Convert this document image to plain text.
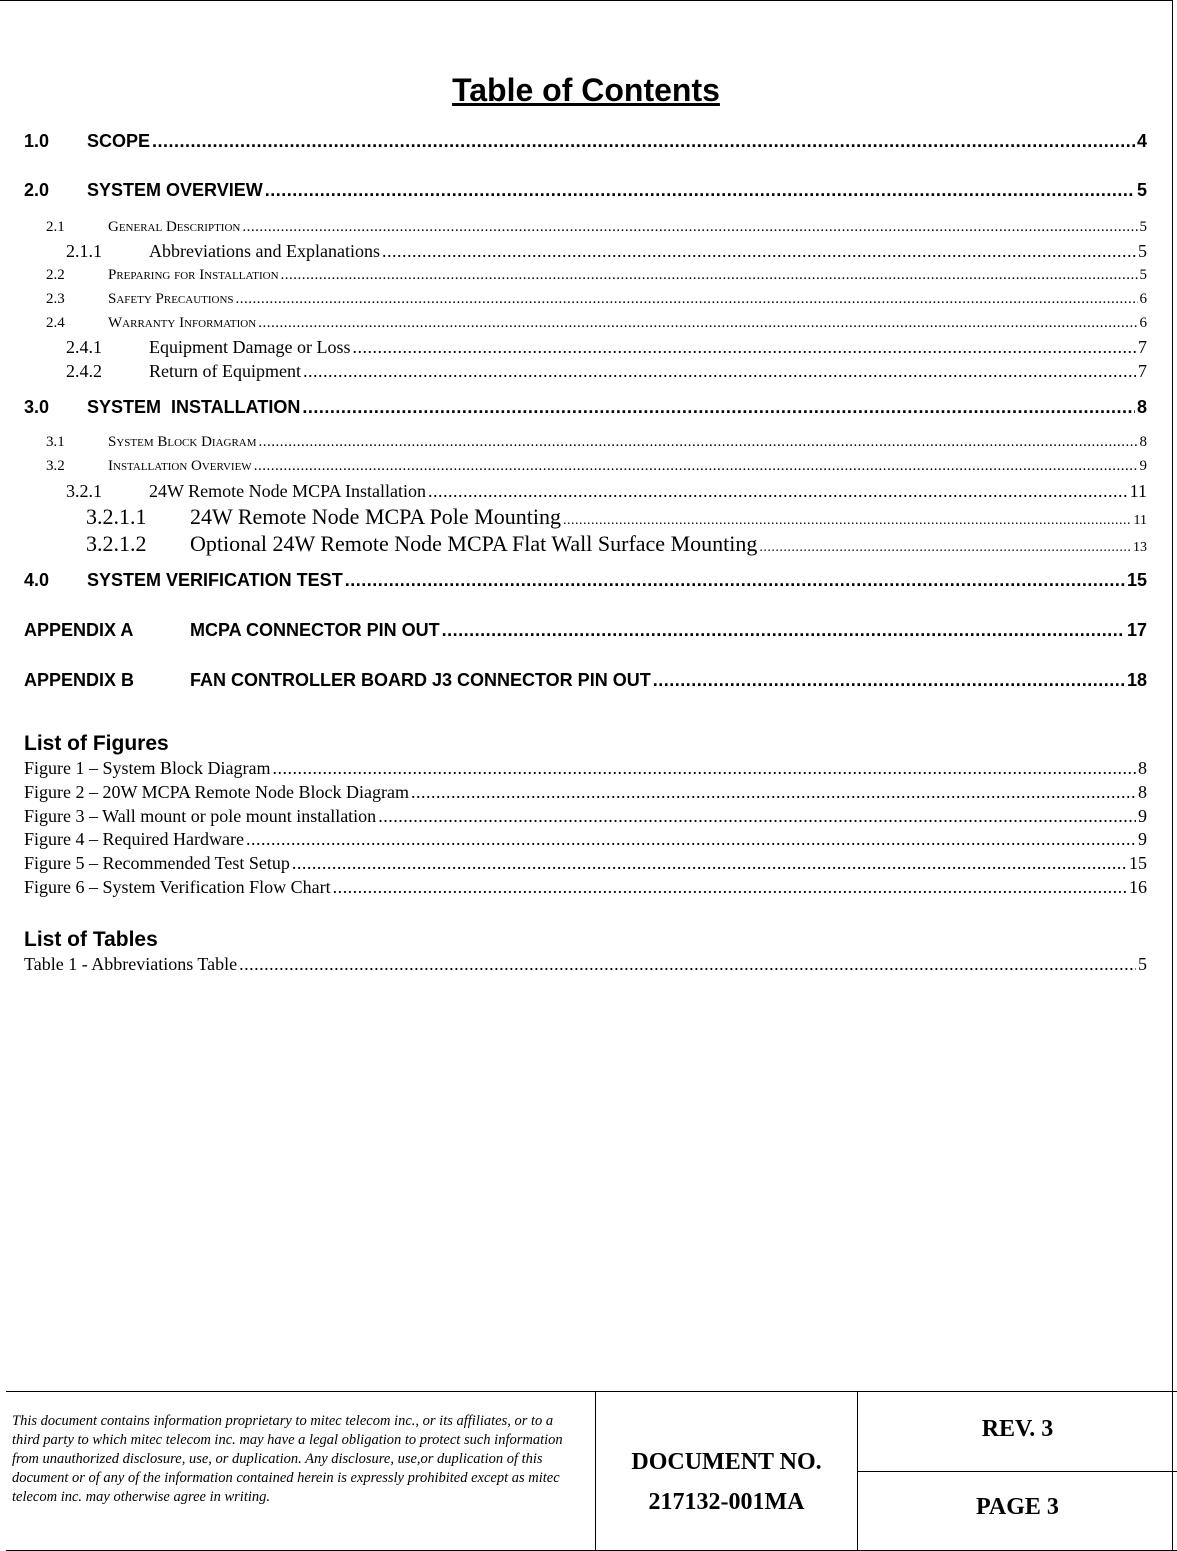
Table of Contents
1.0	SCOPE .....	4
2.0	SYSTEM OVERVIEW .....	5
2.1	General Description .....	5
2.1.1	Abbreviations and Explanations .....	5
2.2	Preparing for Installation .....	5
2.3	Safety Precautions .....	6
2.4	Warranty Information .....	6
2.4.1	Equipment Damage or Loss .....	7
2.4.2	Return of Equipment .....	7
3.0	SYSTEM  INSTALLATION .....	8
3.1	System Block Diagram .....	8
3.2	Installation Overview .....	9
3.2.1	24W Remote Node MCPA Installation .....	11
3.2.1.1	24W Remote Node MCPA Pole Mounting .....	11
3.2.1.2	Optional 24W Remote Node MCPA Flat Wall Surface Mounting .....	13
4.0	SYSTEM VERIFICATION TEST .....	15
APPENDIX A	MCPA CONNECTOR PIN OUT .....	17
APPENDIX B	FAN CONTROLLER BOARD J3 CONNECTOR PIN OUT .....	18
List of Figures
Figure 1 – System Block Diagram .....	8
Figure 2 – 20W MCPA Remote Node Block Diagram .....	8
Figure 3 – Wall mount or pole mount installation .....	9
Figure 4 – Required Hardware .....	9
Figure 5 – Recommended Test Setup .....	15
Figure 6 – System Verification Flow Chart .....	16
List of Tables
Table 1 - Abbreviations Table .....	5
This document contains information proprietary to mitec telecom inc., or its affiliates, or to a third party to which mitec telecom inc. may have a legal obligation to protect such information from unauthorized disclosure, use, or duplication. Any disclosure, use,or duplication of this document or of any of the information contained herein is expressly prohibited except as mitec telecom inc. may otherwise agree in writing.
DOCUMENT NO.
217132-001MA
REV. 3
PAGE 3
